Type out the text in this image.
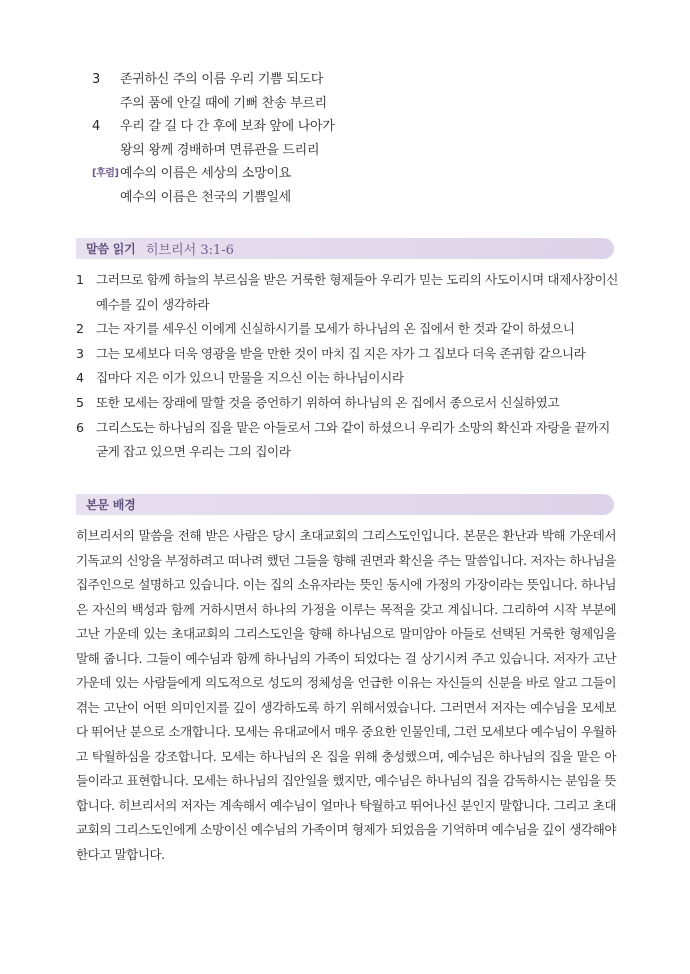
3	존귀하신 주의 이름 우리 기쁨 되도다
주의 품에 안길 때에 기뻐 찬송 부르리
4	우리 갈 길 다 간 후에 보좌 앞에 나아가
왕의 왕께 경배하며 면류관을 드리리
[후렴] 예수의 이름은 세상의 소망이요
예수의 이름은 천국의 기쁨일세
말씀 읽기 히브리서 3:1-6
1 그러므로 함께 하늘의 부르심을 받은 거룩한 형제들아 우리가 믿는 도리의 사도이시며 대제사장이신 예수를 깊이 생각하라
2 그는 자기를 세우신 이에게 신실하시기를 모세가 하나님의 온 집에서 한 것과 같이 하셨으니
3 그는 모세보다 더욱 영광을 받을 만한 것이 마치 집 지은 자가 그 집보다 더욱 존귀함 같으니라
4 집마다 지은 이가 있으니 만물을 지으신 이는 하나님이시라
5 또한 모세는 장래에 말할 것을 증언하기 위하여 하나님의 온 집에서 종으로서 신실하였고
6 그리스도는 하나님의 집을 맡은 아들로서 그와 같이 하셨으니 우리가 소망의 확신과 자랑을 끝까지 굳게 잡고 있으면 우리는 그의 집이라
본문 배경
히브리서의 말씀을 전해 받은 사람은 당시 초대교회의 그리스도인입니다. 본문은 환난과 박해 가운데서 기독교의 신앙을 부정하려고 떠나려 했던 그들을 향해 권면과 확신을 주는 말씀입니다. 저자는 하나님을 집주인으로 설명하고 있습니다. 이는 집의 소유자라는 뜻인 동시에 가정의 가장이라는 뜻입니다. 하나님은 자신의 백성과 함께 거하시면서 하나의 가정을 이루는 목적을 갖고 계십니다. 그리하여 시작 부분에 고난 가운데 있는 초대교회의 그리스도인을 향해 하나님으로 말미암아 아들로 선택된 거룩한 형제임을 말해 줍니다. 그들이 예수님과 함께 하나님의 가족이 되었다는 걸 상기시켜 주고 있습니다. 저자가 고난 가운데 있는 사람들에게 의도적으로 성도의 정체성을 언급한 이유는 자신들의 신분을 바로 알고 그들이 겪는 고난이 어떤 의미인지를 깊이 생각하도록 하기 위해서였습니다. 그러면서 저자는 예수님을 모세보다 뛰어난 분으로 소개합니다. 모세는 유대교에서 매우 중요한 인물인데, 그런 모세보다 예수님이 우월하고 탁월하심을 강조합니다. 모세는 하나님의 온 집을 위해 충성했으며, 예수님은 하나님의 집을 맡은 아들이라고 표현합니다. 모세는 하나님의 집안일을 했지만, 예수님은 하나님의 집을 감독하시는 분임을 뜻합니다. 히브리서의 저자는 계속해서 예수님이 얼마나 탁월하고 뛰어나신 분인지 말합니다. 그리고 초대교회의 그리스도인에게 소망이신 예수님의 가족이며 형제가 되었음을 기억하며 예수님을 깊이 생각해야 한다고 말합니다.
